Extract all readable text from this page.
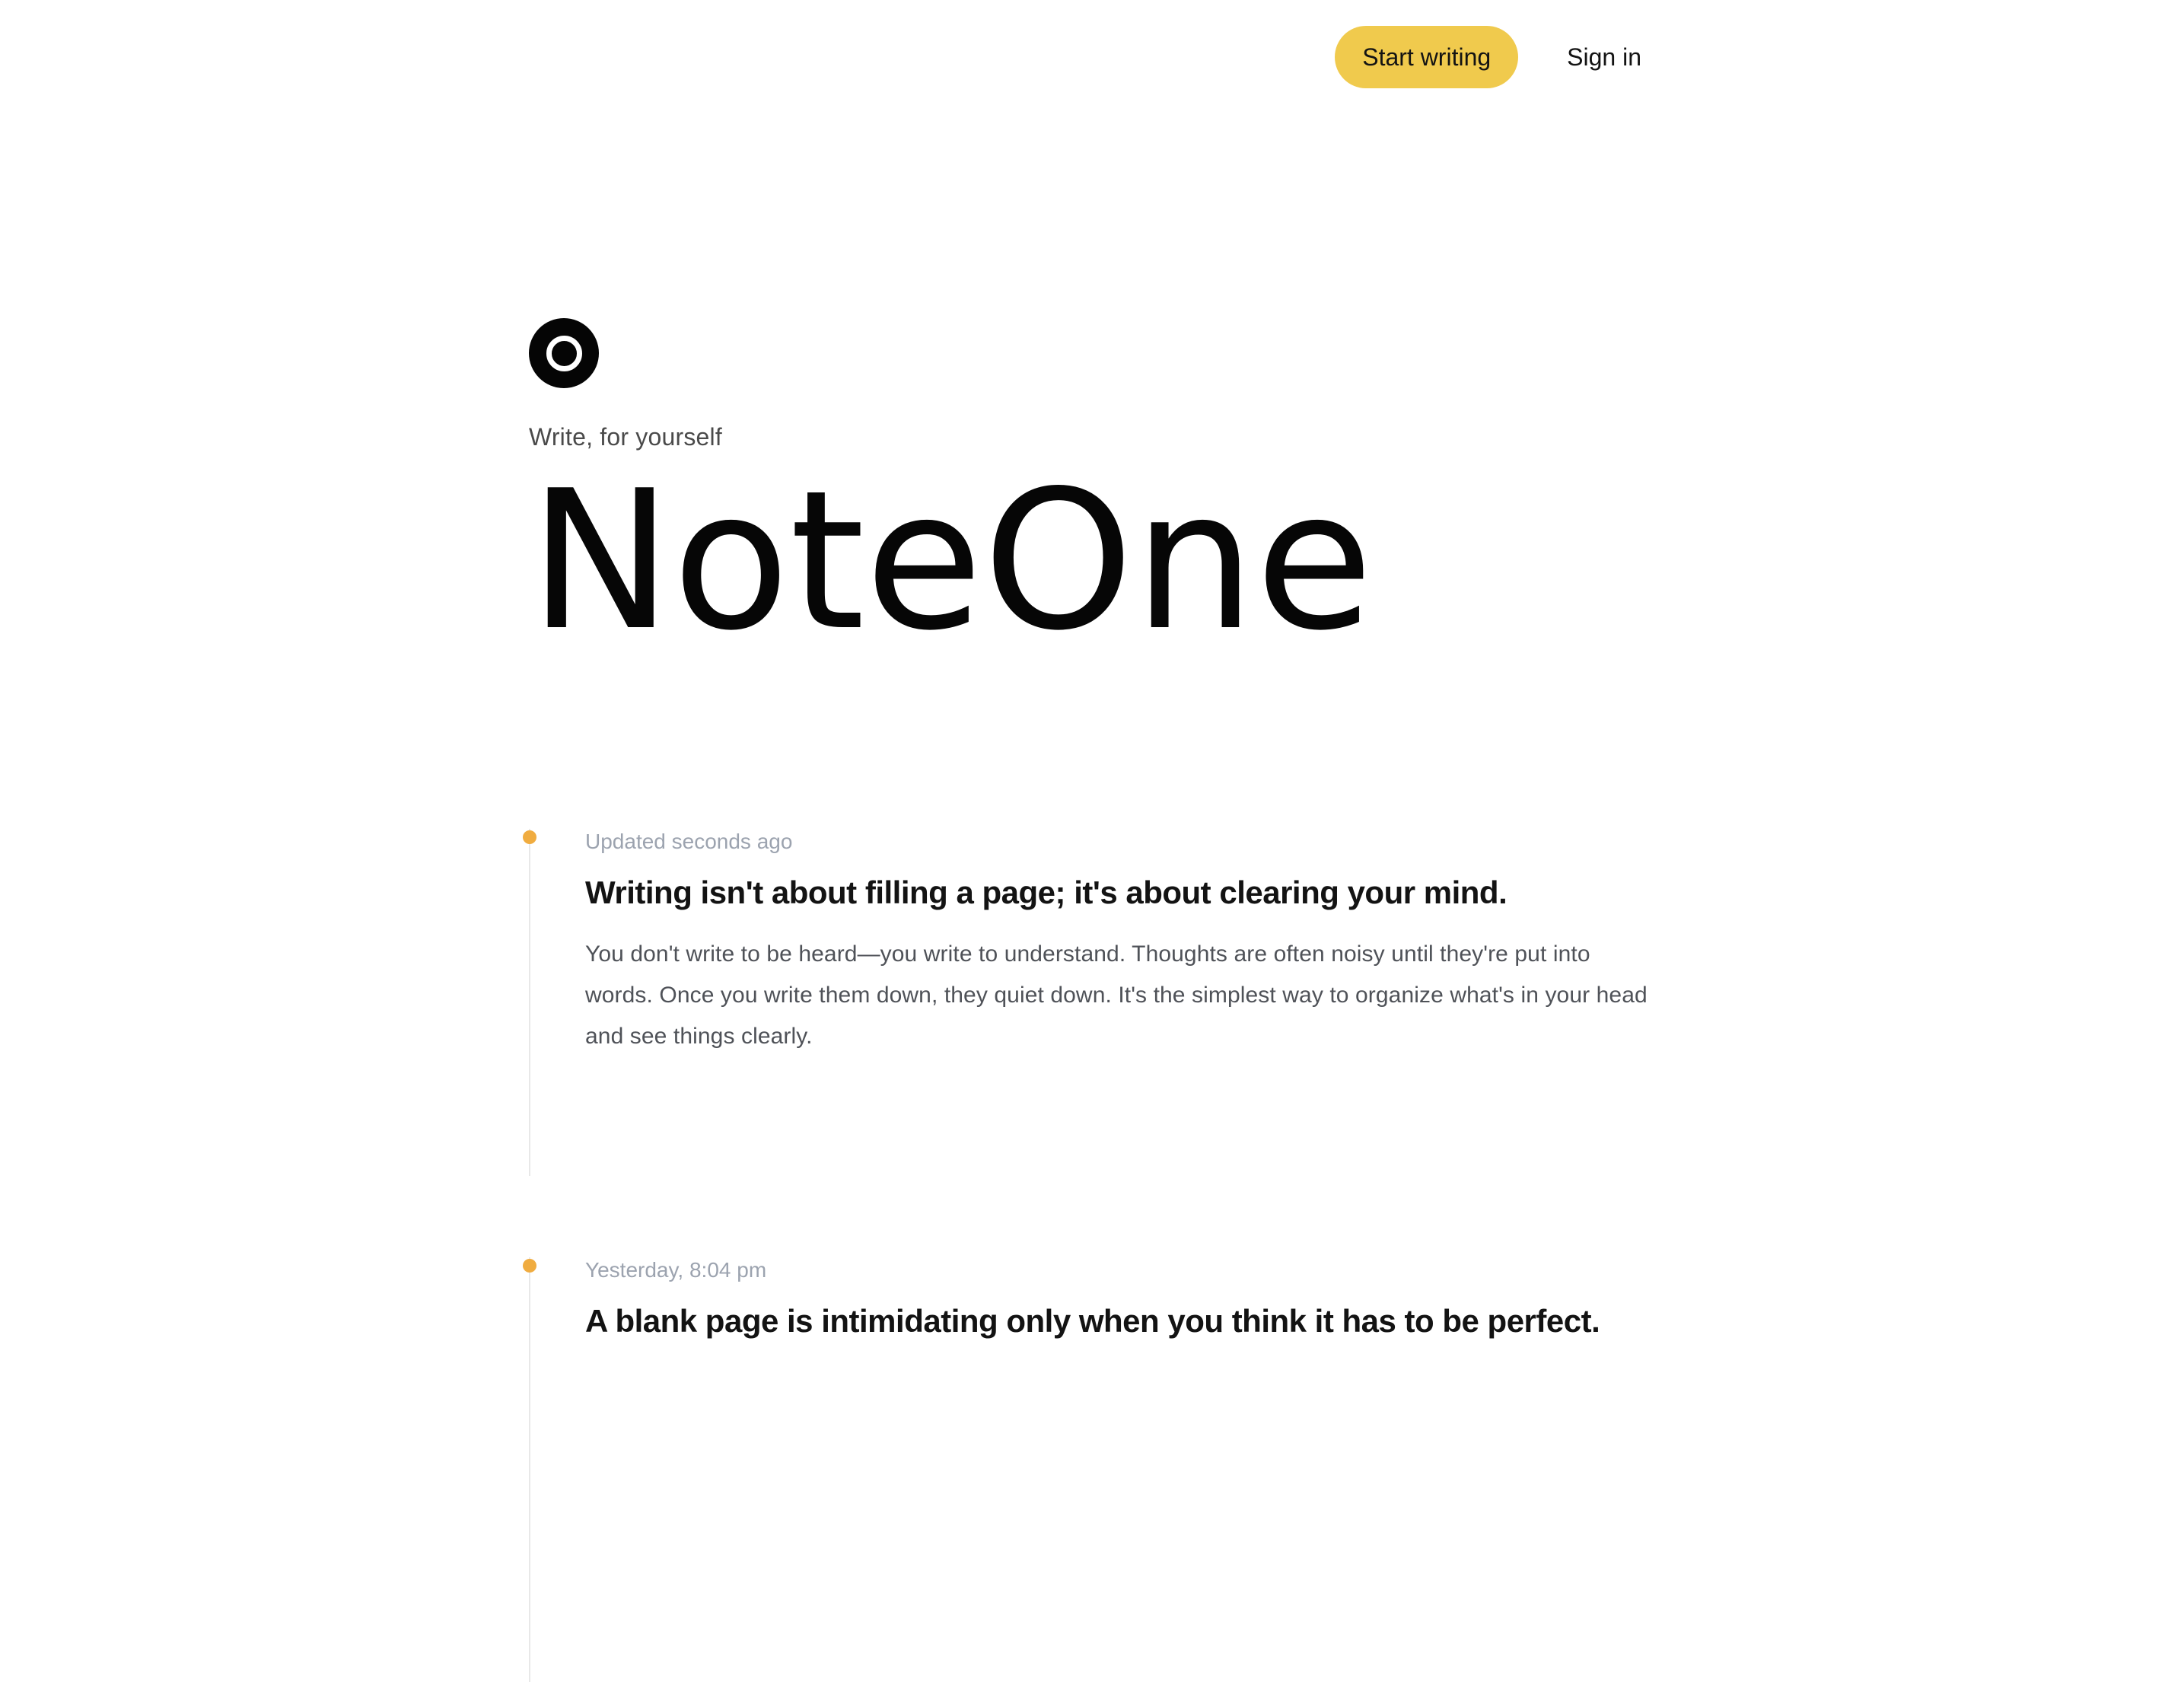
Start writing	Sign in
Write, for yourself
NoteOne
Updated seconds ago
Writing isn't about filling a page; it's about clearing your mind.

You don't write to be heard—you write to understand. Thoughts are often noisy until they're put into words. Once you write them down, they quiet down. It's the simplest way to organize what's in your head and see things clearly.

Yesterday, 8:04 pm
A blank page is intimidating only when you think it has to be perfect.
